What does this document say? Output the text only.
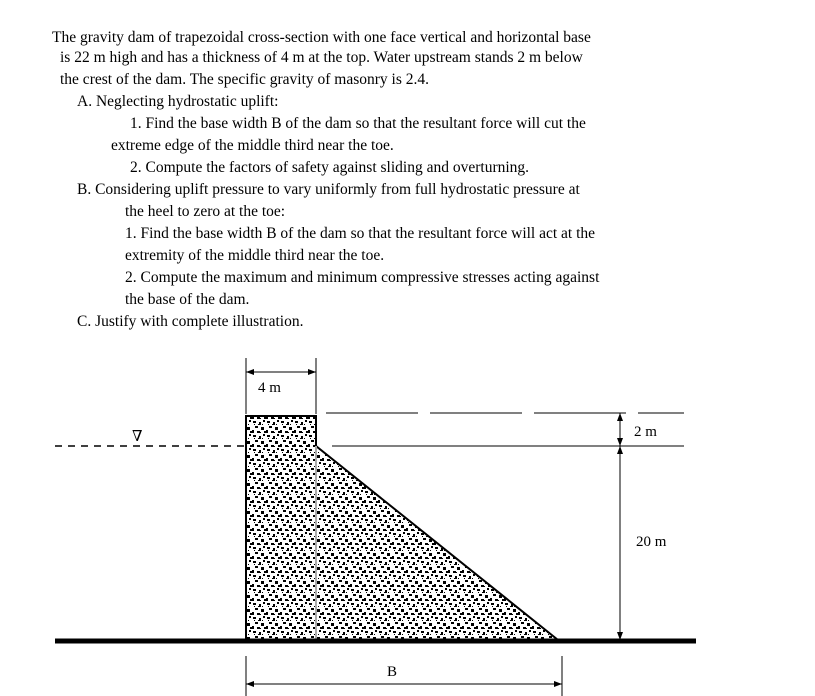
The gravity dam of trapezoidal cross-section with one face vertical and horizontal base
is 22 m high and has a thickness of 4 m at the top. Water upstream stands 2 m below
the crest of the dam. The specific gravity of masonry is 2.4.
A. Neglecting hydrostatic uplift:
1. Find the base width B of the dam so that the resultant force will cut the
extreme edge of the middle third near the toe.
2. Compute the factors of safety against sliding and overturning.
B. Considering uplift pressure to vary uniformly from full hydrostatic pressure at
the heel to zero at the toe:
1. Find the base width B of the dam so that the resultant force will act at the
extremity of the middle third near the toe.
2. Compute the maximum and minimum compressive stresses acting against
the base of the dam.
C. Justify with complete illustration.
∇
4 m
2 m
20 m
B
